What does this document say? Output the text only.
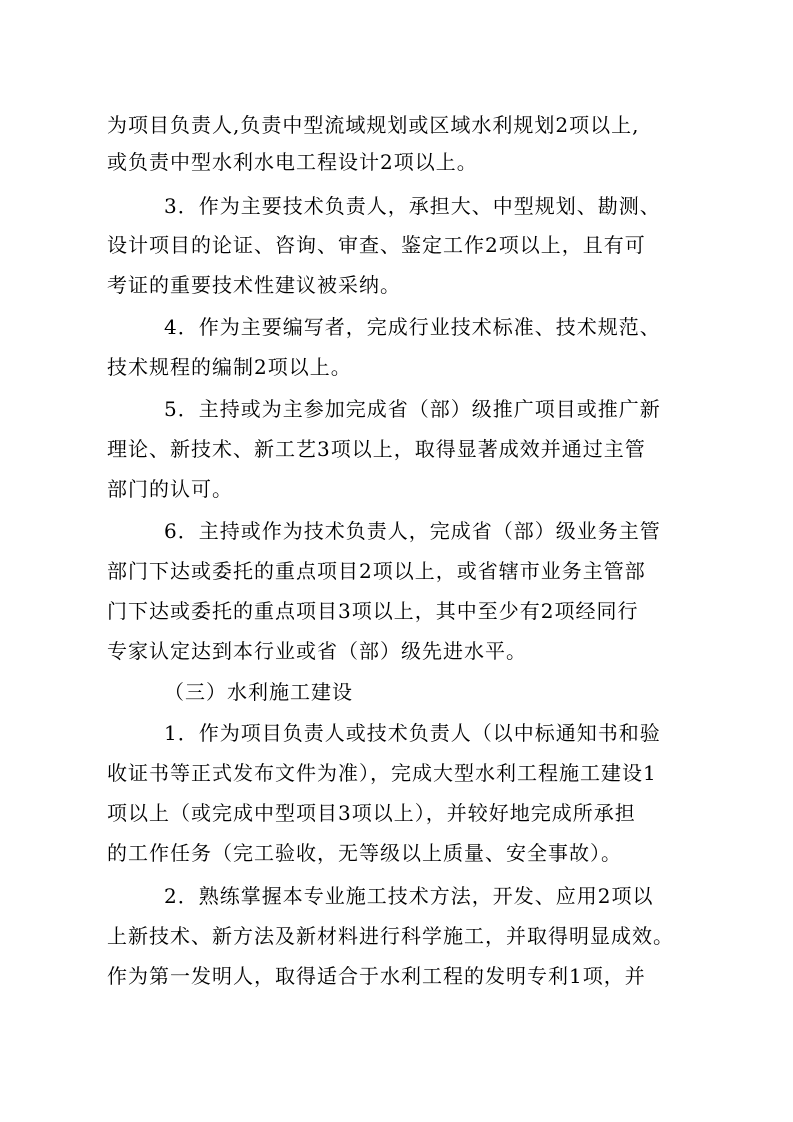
为项目负责人,负责中型流域规划或区域水利规划2项以上,
或负责中型水利水电工程设计2项以上。
3．作为主要技术负责人，承担大、中型规划、勘测、
设计项目的论证、咨询、审查、鉴定工作2项以上，且有可
考证的重要技术性建议被采纳。
4．作为主要编写者，完成行业技术标准、技术规范、
技术规程的编制2项以上。
5．主持或为主参加完成省（部）级推广项目或推广新
理论、新技术、新工艺3项以上，取得显著成效并通过主管
部门的认可。
6．主持或作为技术负责人，完成省（部）级业务主管
部门下达或委托的重点项目2项以上，或省辖市业务主管部
门下达或委托的重点项目3项以上，其中至少有2项经同行
专家认定达到本行业或省（部）级先进水平。
（三）水利施工建设
1．作为项目负责人或技术负责人（以中标通知书和验
收证书等正式发布文件为准），完成大型水利工程施工建设1
项以上（或完成中型项目3项以上），并较好地完成所承担
的工作任务（完工验收，无等级以上质量、安全事故）。
2．熟练掌握本专业施工技术方法，开发、应用2项以
上新技术、新方法及新材料进行科学施工，并取得明显成效。
作为第一发明人，取得适合于水利工程的发明专利1项，并
